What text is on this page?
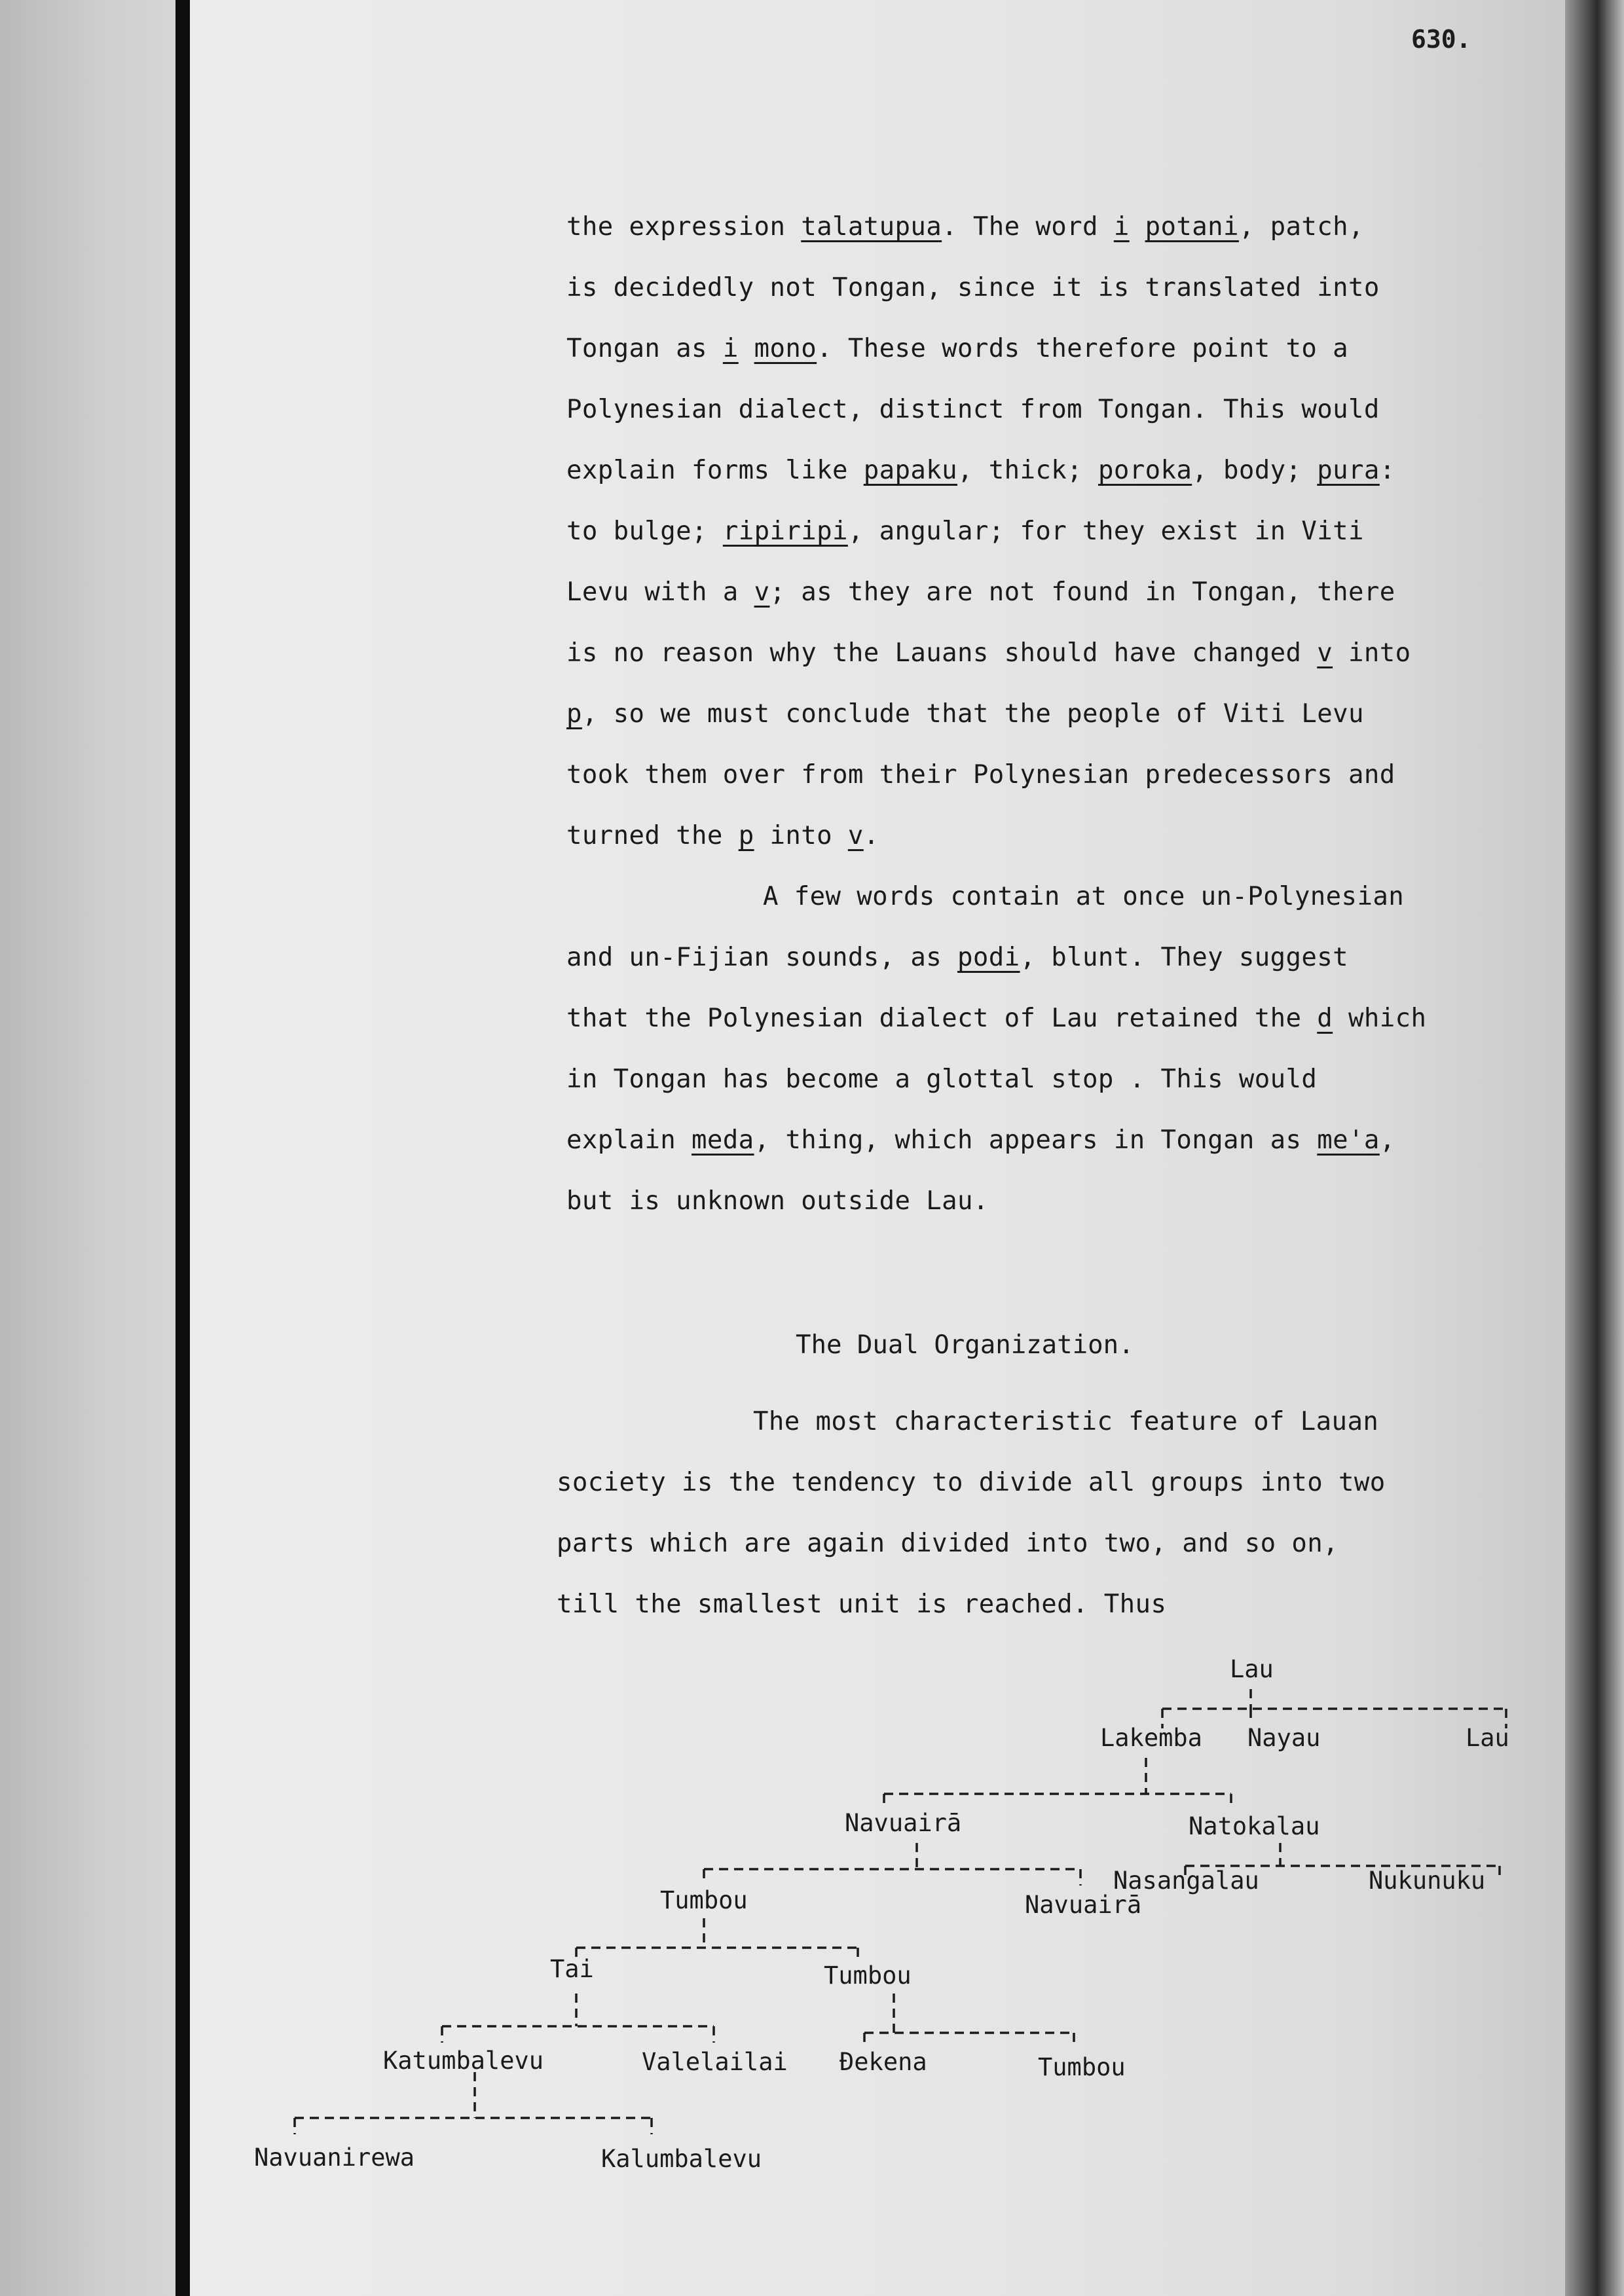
630.

the expression talatupua. The word i potani, patch,
is decidedly not Tongan, since it is translated into
Tongan as i mono. These words therefore point to a
Polynesian dialect, distinct from Tongan. This would
explain forms like papaku, thick; poroka, body; pura:
to bulge; ripiripi, angular; for they exist in Viti
Levu with a v; as they are not found in Tongan, there
is no reason why the Lauans should have changed v into
p, so we must conclude that the people of Viti Levu
took them over from their Polynesian predecessors and
turned the p into v.

A few words contain at once un-Polynesian
and un-Fijian sounds, as podi, blunt. They suggest
that the Polynesian dialect of Lau retained the d which
in Tongan has become a glottal stop . This would
explain meda, thing, which appears in Tongan as me'a,
but is unknown outside Lau.

The Dual Organization.

The most characteristic feature of Lauan
society is the tendency to divide all groups into two
parts which are again divided into two, and so on,
till the smallest unit is reached. Thus

Lau
Lakemba Nayau	Lau
Navuairā	Natokalau
Tumbou	Navuairā
Nasangalau	Nukunuku
Tai	Tumbou
Katumbalevu	Valelailai Đekena	Tumbou
Navuanirewa	Kalumbalevu
